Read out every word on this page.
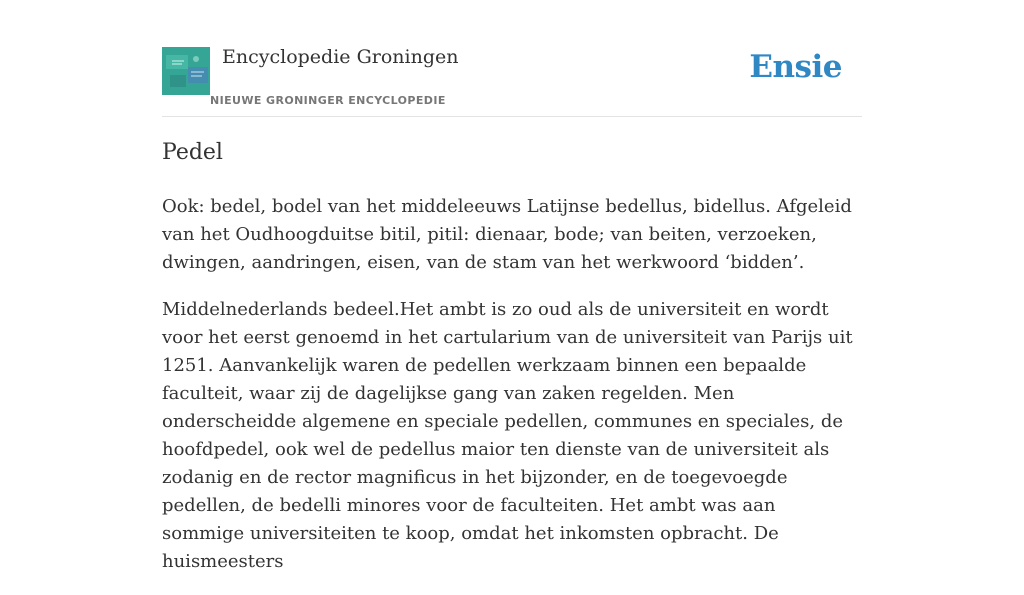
Encyclopedie Groningen
NIEUWE GRONINGER ENCYCLOPEDIE
Ensie
Pedel

Ook: bedel, bodel van het middeleeuws Latijnse bedellus, bidellus. Afgeleid van het Oudhoogduitse bitil, pitil: dienaar, bode; van beiten, verzoeken, dwingen, aandringen, eisen, van de stam van het werkwoord ‘bidden’.

Middelnederlands bedeel.Het ambt is zo oud als de universiteit en wordt voor het eerst genoemd in het cartularium van de universiteit van Parijs uit 1251. Aanvankelijk waren de pedellen werkzaam binnen een bepaalde faculteit, waar zij de dagelijkse gang van zaken regelden. Men onderscheidde algemene en speciale pedellen, communes en speciales, de hoofdpedel, ook wel de pedellus maior ten dienste van de universiteit als zodanig en de rector magnificus in het bijzonder, en de toegevoegde pedellen, de bedelli minores voor de faculteiten. Het ambt was aan sommige universiteiten te koop, omdat het inkomsten opbracht. De huismeesters
